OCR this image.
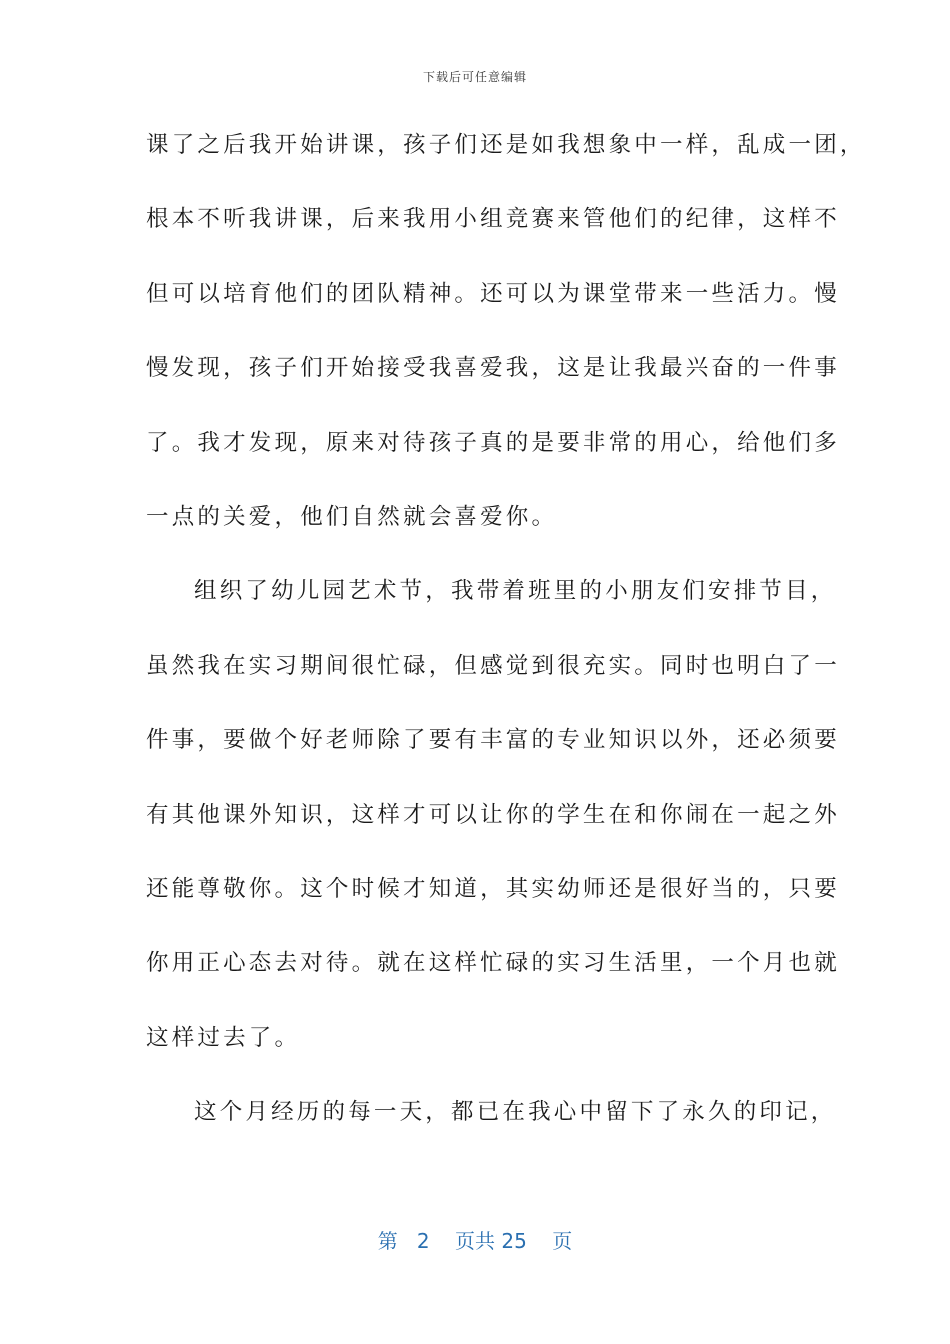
下载后可任意编辑
课了之后我开始讲课，孩子们还是如我想象中一样，乱成一团，
根本不听我讲课，后来我用小组竞赛来管他们的纪律，这样不
但可以培育他们的团队精神。还可以为课堂带来一些活力。慢
慢发现，孩子们开始接受我喜爱我，这是让我最兴奋的一件事
了。我才发现，原来对待孩子真的是要非常的用心，给他们多
一点的关爱，他们自然就会喜爱你。
组织了幼儿园艺术节，我带着班里的小朋友们安排节目，
虽然我在实习期间很忙碌，但感觉到很充实。同时也明白了一
件事，要做个好老师除了要有丰富的专业知识以外，还必须要
有其他课外知识，这样才可以让你的学生在和你闹在一起之外
还能尊敬你。这个时候才知道，其实幼师还是很好当的，只要
你用正心态去对待。就在这样忙碌的实习生活里，一个月也就
这样过去了。
这个月经历的每一天，都已在我心中留下了永久的印记，
第 2 页共 25 页
